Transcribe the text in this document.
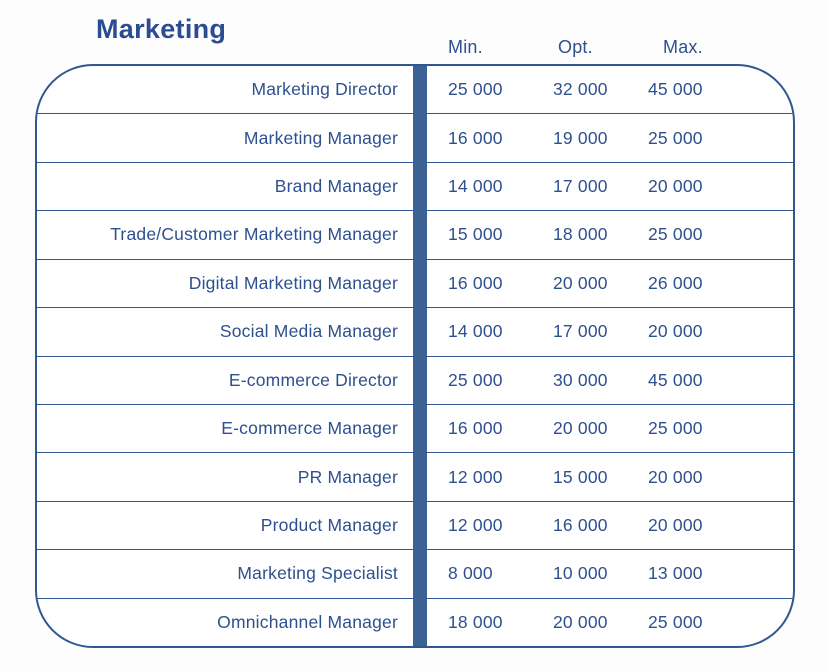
Marketing
Min.	Opt.	Max.
Marketing Director	25 000	32 000	45 000
Marketing Manager	16 000	19 000	25 000
Brand Manager	14 000	17 000	20 000
Trade/Customer Marketing Manager	15 000	18 000	25 000
Digital Marketing Manager	16 000	20 000	26 000
Social Media Manager	14 000	17 000	20 000
E-commerce Director	25 000	30 000	45 000
E-commerce Manager	16 000	20 000	25 000
PR Manager	12 000	15 000	20 000
Product Manager	12 000	16 000	20 000
Marketing Specialist	8 000	10 000	13 000
Omnichannel Manager	18 000	20 000	25 000
